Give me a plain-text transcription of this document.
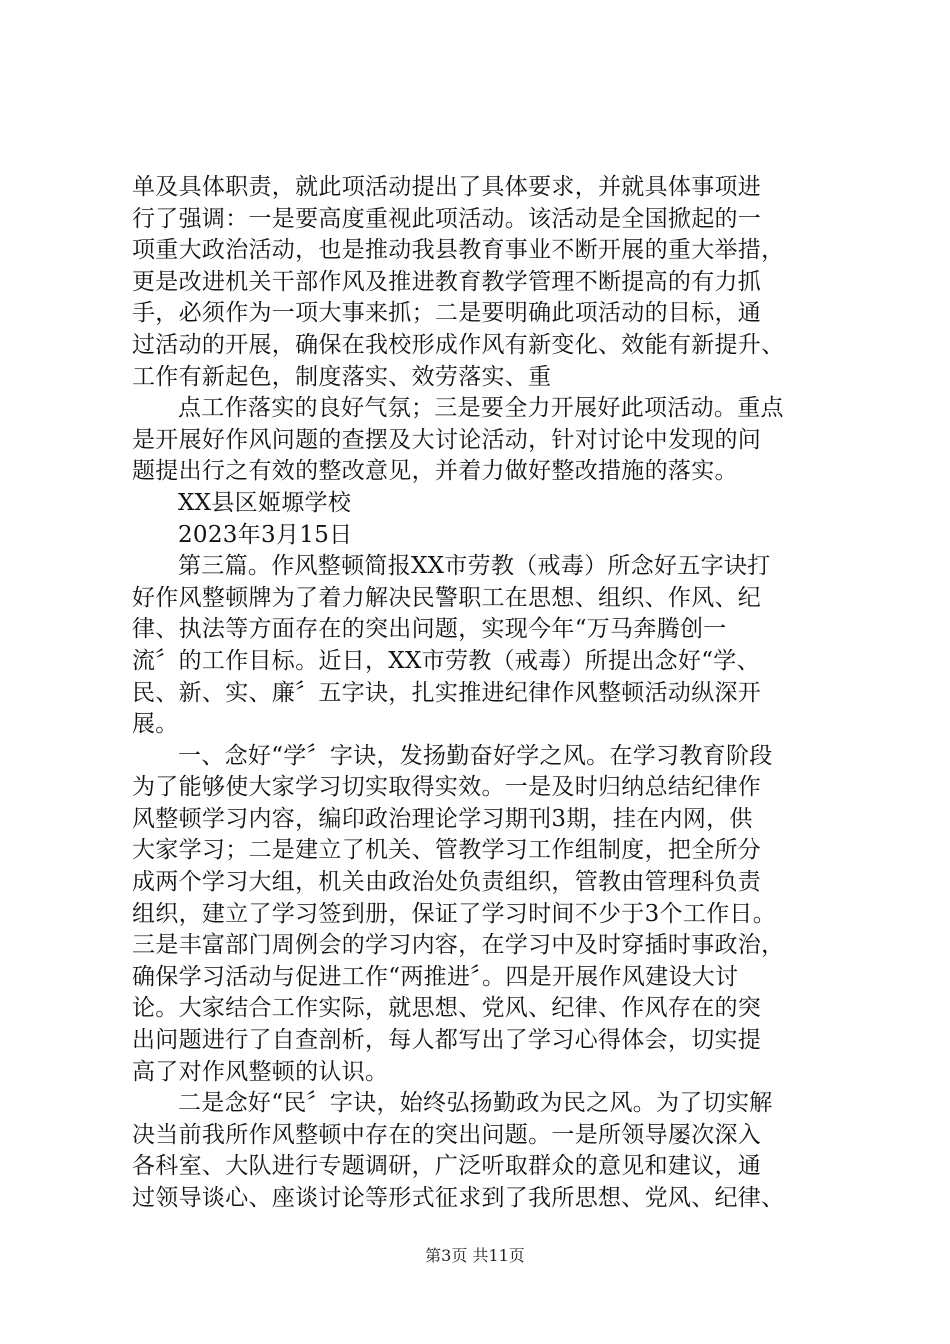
单及具体职责，就此项活动提出了具体要求，并就具体事项进
行了强调：一是要高度重视此项活动。该活动是全国掀起的一
项重大政治活动，也是推动我县教育事业不断开展的重大举措，
更是改进机关干部作风及推进教育教学管理不断提高的有力抓
手，必须作为一项大事来抓；二是要明确此项活动的目标，通
过活动的开展，确保在我校形成作风有新变化、效能有新提升、
工作有新起色，制度落实、效劳落实、重
点工作落实的良好气氛；三是要全力开展好此项活动。重点
是开展好作风问题的查摆及大讨论活动，针对讨论中发现的问
题提出行之有效的整改意见，并着力做好整改措施的落实。
XX县区姬塬学校
2023年3月15日
第三篇。作风整顿简报XX市劳教（戒毒）所念好五字诀打
好作风整顿牌为了着力解决民警职工在思想、组织、作风、纪
律、执法等方面存在的突出问题，实现今年“万马奔腾创一
流〞的工作目标。近日，XX市劳教（戒毒）所提出念好“学、
民、新、实、廉〞五字诀，扎实推进纪律作风整顿活动纵深开
展。
一、念好“学〞字诀，发扬勤奋好学之风。在学习教育阶段
为了能够使大家学习切实取得实效。一是及时归纳总结纪律作
风整顿学习内容，编印政治理论学习期刊3期，挂在内网，供
大家学习；二是建立了机关、管教学习工作组制度，把全所分
成两个学习大组，机关由政治处负责组织，管教由管理科负责
组织，建立了学习签到册，保证了学习时间不少于3个工作日。
三是丰富部门周例会的学习内容，在学习中及时穿插时事政治，
确保学习活动与促进工作“两推进〞。四是开展作风建设大讨
论。大家结合工作实际，就思想、党风、纪律、作风存在的突
出问题进行了自查剖析，每人都写出了学习心得体会，切实提
高了对作风整顿的认识。
二是念好“民〞字诀，始终弘扬勤政为民之风。为了切实解
决当前我所作风整顿中存在的突出问题。一是所领导屡次深入
各科室、大队进行专题调研，广泛听取群众的意见和建议，通
过领导谈心、座谈讨论等形式征求到了我所思想、党风、纪律、
第3页 共11页
